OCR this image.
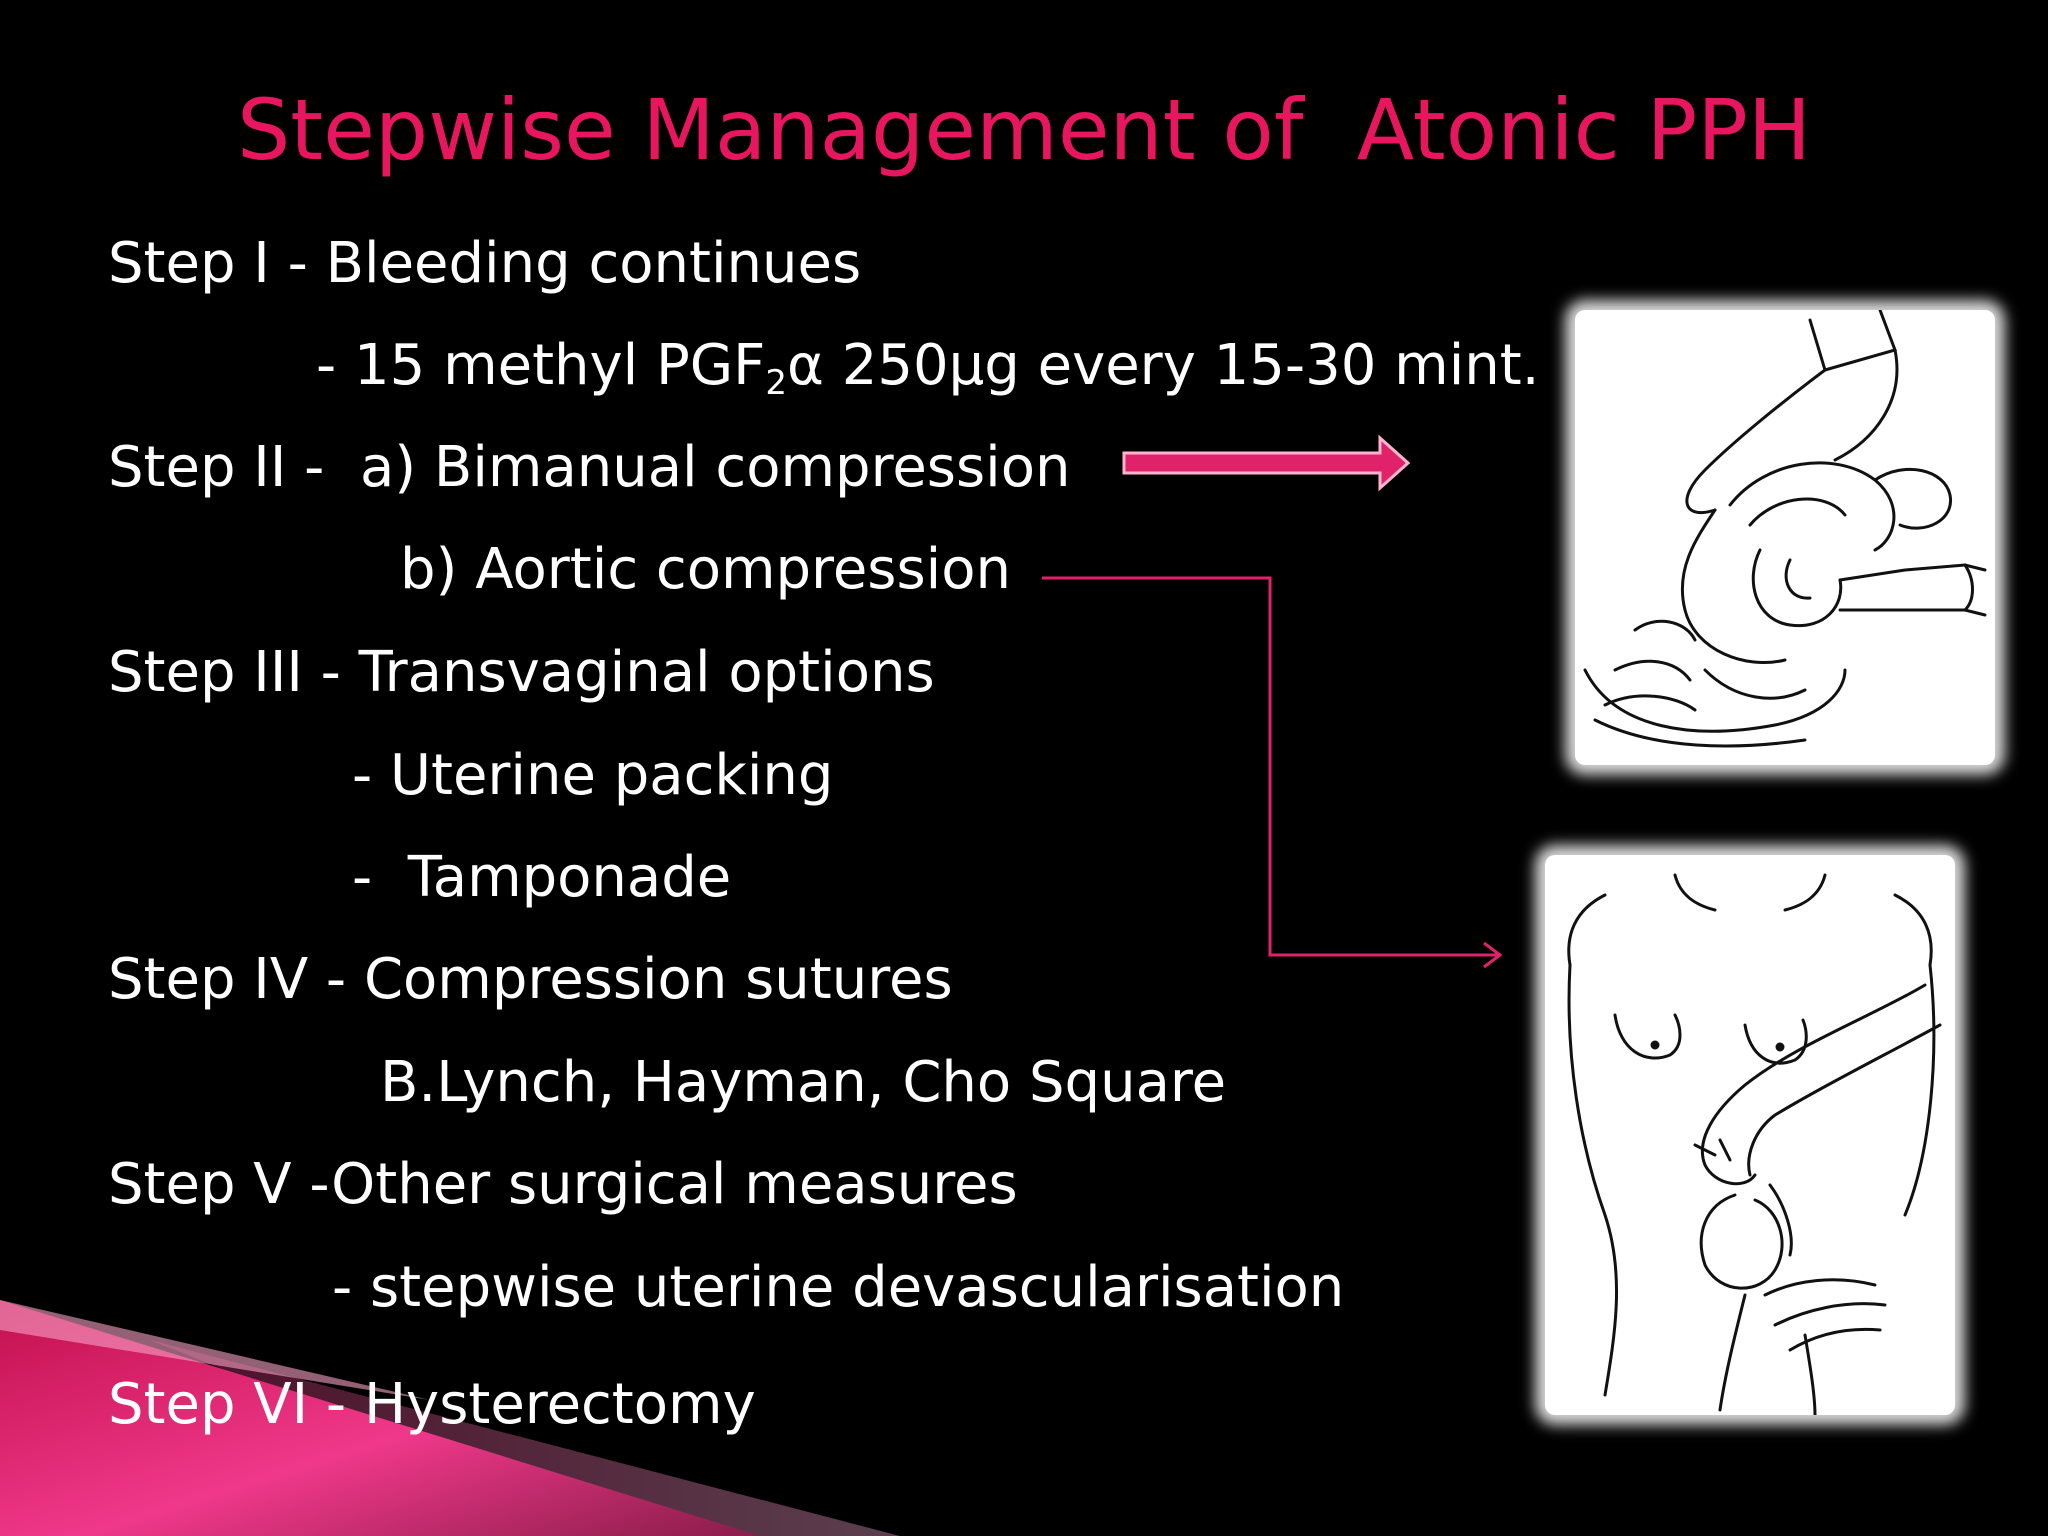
Stepwise Management of  Atonic PPH
Step I - Bleeding continues
- 15 methyl $PGF_2\alpha$ 250μg every 15-30 mint.
Step II -  a) Bimanual compression
b) Aortic compression
Step III - Transvaginal options
- Uterine packing
-  Tamponade
Step IV - Compression sutures
B.Lynch, Hayman, Cho Square
Step V -Other surgical measures
- stepwise uterine devascularisation
Step VI - Hysterectomy
